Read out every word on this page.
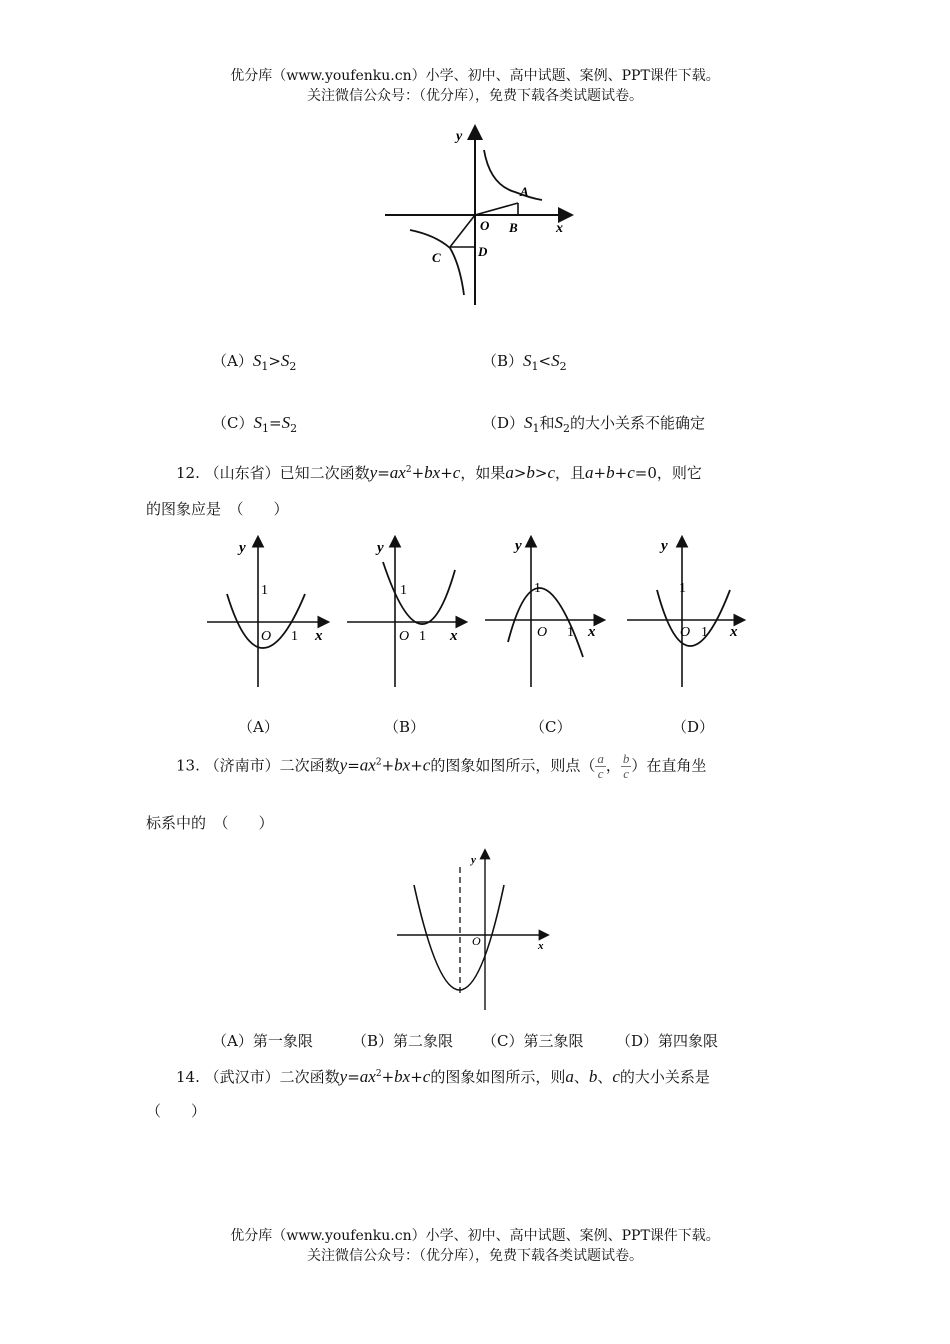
优分库（www.youfenku.cn）小学、初中、高中试题、案例、PPT课件下载。
关注微信公众号：（优分库），免费下载各类试题试卷。
y
x
O
A
B
C	D
$(A)S_1>S_2$	$(B)S_1<S_2$
$(C)S_1=S_2$	$(D)S_1$和$S_2$的大小关系不能确定
12. （山东省）已知二次函数$y=ax^2+bx+c$，如果a>b>c，且a+b+c=0，则它
的图象应是　（　　）
y
1
O 1 x
y
1
O 1 x
y
1
O 1 x
y
1
O 1 x
（A）	（B）	（C）	（D）
13. （济南市）二次函数$y=ax^2+bx+c$的图象如图所示，则点（ $\frac{a}{c}$ ， $\frac{b}{c}$ ）在直角坐
标系中的　（　　）
y
x
O
（A）第一象限	（B）第二象限 （C）第三象限 （D）第四象限
14. （武汉市）二次函数$y=ax^2+bx+c$的图象如图所示，则a、b、c的大小关系是
（　　）
优分库（www.youfenku.cn）小学、初中、高中试题、案例、PPT课件下载。
关注微信公众号：（优分库），免费下载各类试题试卷。
